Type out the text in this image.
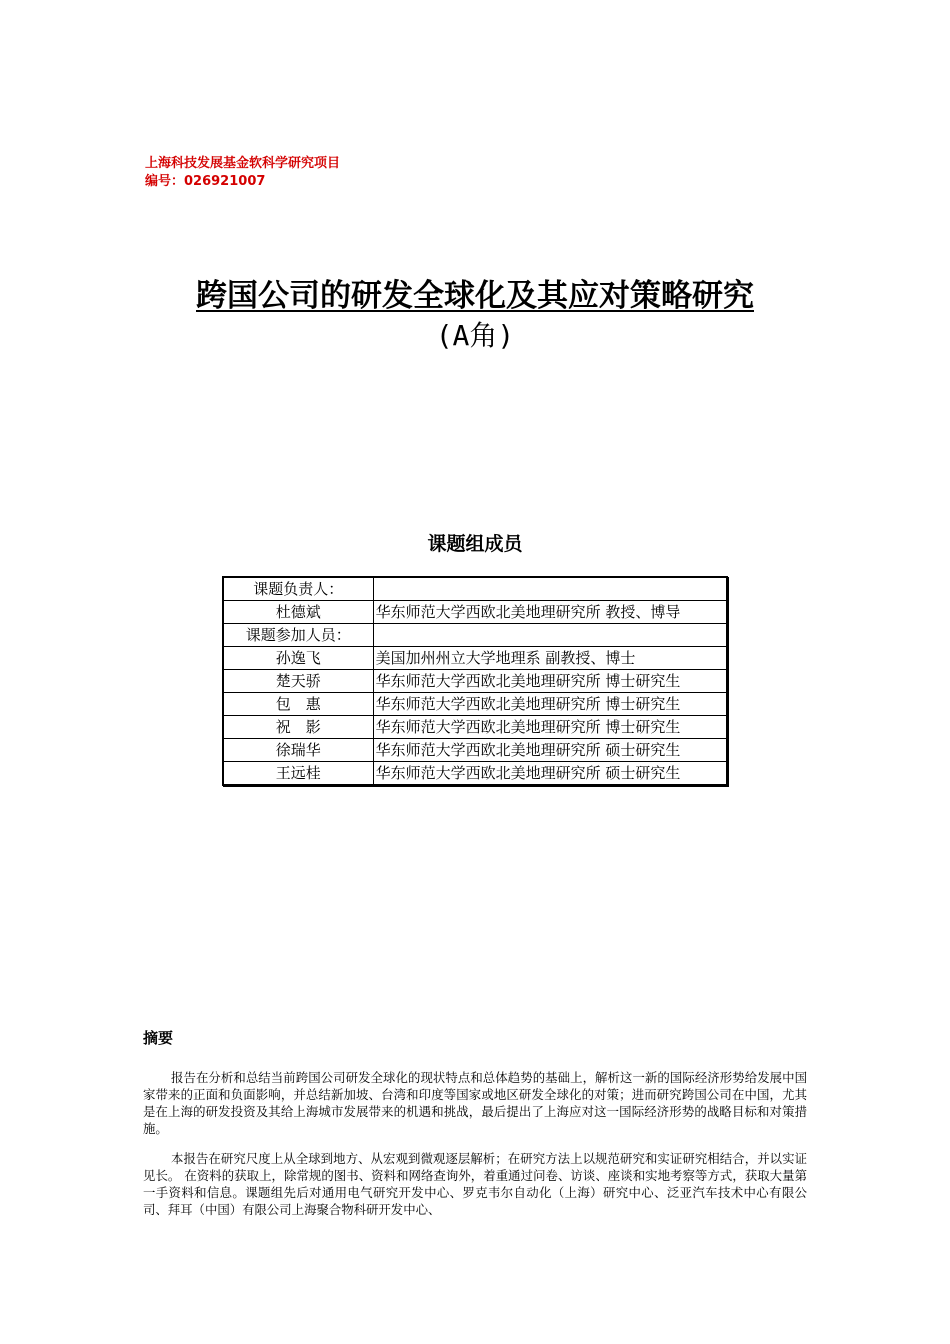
上海科技发展基金软科学研究项目
编号：026921007
跨国公司的研发全球化及其应对策略研究
(A角)
课题组成员
课题负责人：	
杜德斌	华东师范大学西欧北美地理研究所 教授、博导
课题参加人员：	
孙逸飞	美国加州州立大学地理系 副教授、博士
楚天骄	华东师范大学西欧北美地理研究所 博士研究生
包　惠	华东师范大学西欧北美地理研究所 博士研究生
祝　影	华东师范大学西欧北美地理研究所 博士研究生
徐瑞华	华东师范大学西欧北美地理研究所 硕士研究生
王远桂	华东师范大学西欧北美地理研究所 硕士研究生
摘要

报告在分析和总结当前跨国公司研发全球化的现状特点和总体趋势的基础上，解析这一新的国际经济形势给发展中国家带来的正面和负面影响，并总结新加坡、台湾和印度等国家或地区研发全球化的对策；进而研究跨国公司在中国，尤其是在上海的研发投资及其给上海城市发展带来的机遇和挑战，最后提出了上海应对这一国际经济形势的战略目标和对策措施。

本报告在研究尺度上从全球到地方、从宏观到微观逐层解析；在研究方法上以规范研究和实证研究相结合，并以实证见长。 在资料的获取上，除常规的图书、资料和网络查询外，着重通过问卷、访谈、座谈和实地考察等方式，获取大量第一手资料和信息。课题组先后对通用电气研究开发中心、罗克韦尔自动化（上海）研究中心、泛亚汽车技术中心有限公司、拜耳（中国）有限公司上海聚合物科研开发中心、
